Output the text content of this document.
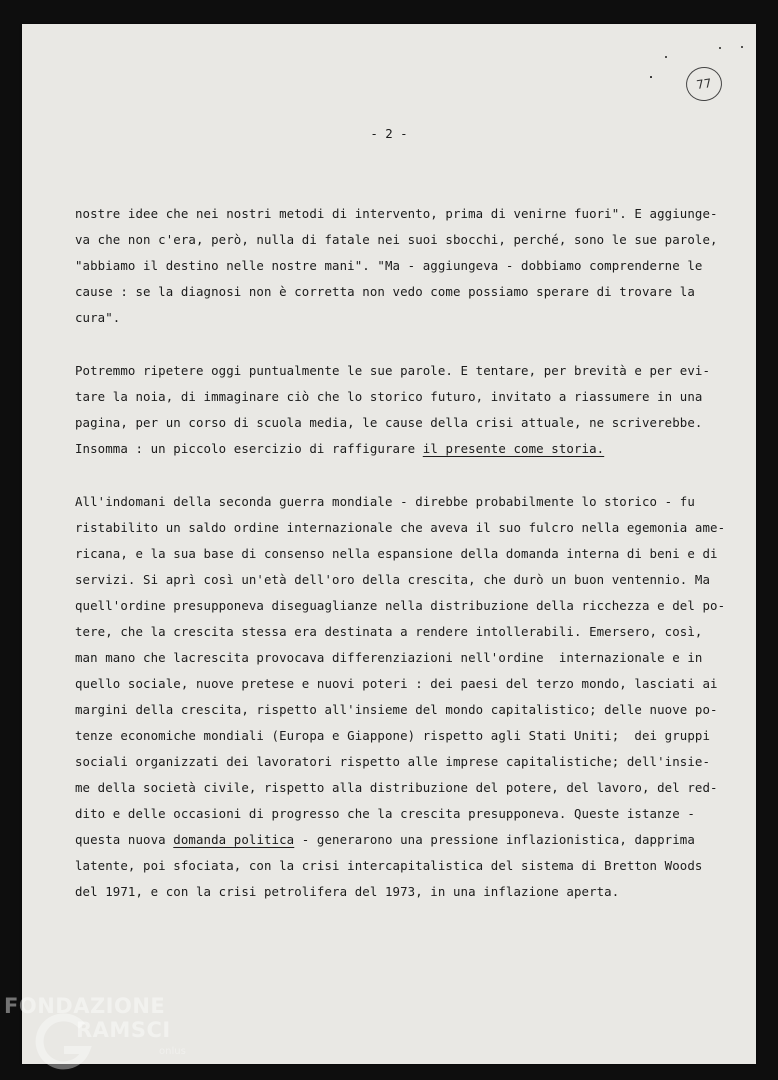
77
- 2 -
nostre idee che nei nostri metodi di intervento, prima di venirne fuori". E aggiunge-
va che non c'era, però, nulla di fatale nei suoi sbocchi, perché, sono le sue parole,
"abbiamo il destino nelle nostre mani". "Ma - aggiungeva - dobbiamo comprenderne le
cause : se la diagnosi non è corretta non vedo come possiamo sperare di trovare la
cura".
Potremmo ripetere oggi puntualmente le sue parole. E tentare, per brevità e per evi-
tare la noia, di immaginare ciò che lo storico futuro, invitato a riassumere in una
pagina, per un corso di scuola media, le cause della crisi attuale, ne scriverebbe.
Insomma : un piccolo esercizio di raffigurare il presente come storia.
All'indomani della seconda guerra mondiale - direbbe probabilmente lo storico - fu
ristabilito un saldo ordine internazionale che aveva il suo fulcro nella egemonia ame-
ricana, e la sua base di consenso nella espansione della domanda interna di beni e di
servizi. Si aprì così un'età dell'oro della crescita, che durò un buon ventennio. Ma
quell'ordine presupponeva diseguaglianze nella distribuzione della ricchezza e del po-
tere, che la crescita stessa era destinata a rendere intollerabili. Emersero, così,
man mano che lacrescita provocava differenziazioni nell'ordine  internazionale e in
quello sociale, nuove pretese e nuovi poteri : dei paesi del terzo mondo, lasciati ai
margini della crescita, rispetto all'insieme del mondo capitalistico; delle nuove po-
tenze economiche mondiali (Europa e Giappone) rispetto agli Stati Uniti;  dei gruppi
sociali organizzati dei lavoratori rispetto alle imprese capitalistiche; dell'insie-
me della società civile, rispetto alla distribuzione del potere, del lavoro, del red-
dito e delle occasioni di progresso che la crescita presupponeva. Queste istanze -
questa nuova domanda politica - generarono una pressione inflazionistica, dapprima
latente, poi sfociata, con la crisi intercapitalistica del sistema di Bretton Woods
del 1971, e con la crisi petrolifera del 1973, in una inflazione aperta.
FONDAZIONE
RAMSCI
onlus
